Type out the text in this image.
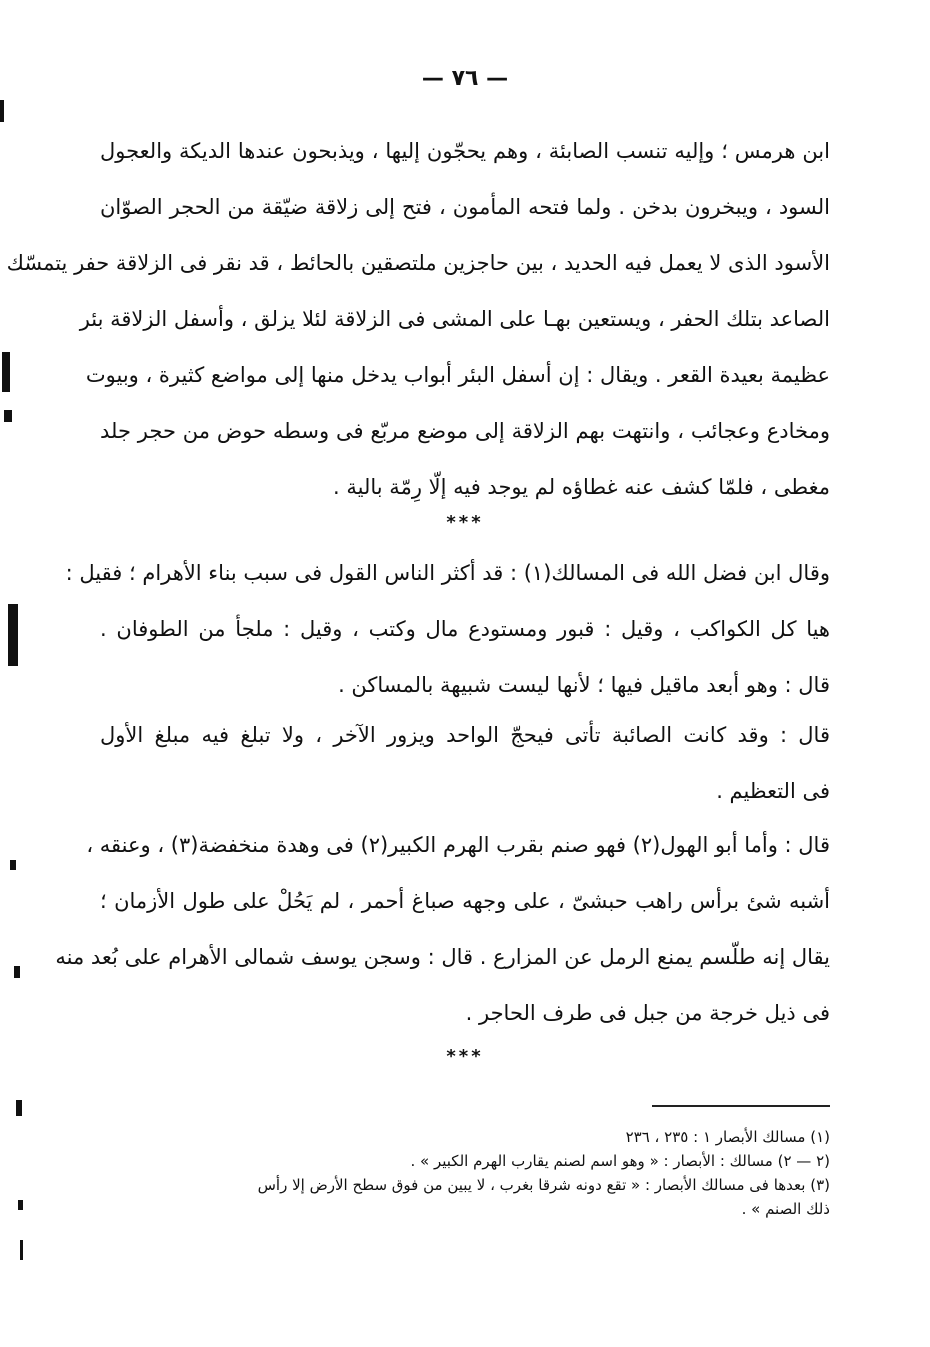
— ٧٦ —
ابن هرمس ؛ وإليه تنسب الصابئة ، وهم يحجّون إليها ، ويذبحون عندها الديكة والعجول
السود ، ويبخرون بدخن . ولما فتحه المأمون ، فتح إلى زلاقة ضيّقة من الحجر الصوّان
الأسود الذى لا يعمل فيه الحديد ، بين حاجزين ملتصقين بالحائط ، قد نقر فى الزلاقة حفر يتمسّك
الصاعد بتلك الحفر ، ويستعين بهـا على المشى فى الزلاقة لئلا يزلق ، وأسفل الزلاقة بئر
عظيمة بعيدة القعر . ويقال : إن أسفل البئر أبواب يدخل منها إلى مواضع كثيرة ، وبيوت
ومخادع وعجائب ، وانتهت بهم الزلاقة إلى موضع مربّع فى وسطه حوض من حجر جلد
مغطى ، فلمّا كشف عنه غطاؤه لم يوجد فيه إلّا رِمّة بالية .
***
وقال ابن فضل الله فى المسالك(١) : قد أكثر الناس القول فى سبب بناء الأهرام ؛ فقيل :
هيا كل الكواكب ، وقيل : قبور ومستودع مال وكتب ، وقيل : ملجأ من الطوفان .
قال : وهو أبعد ماقيل فيها ؛ لأنها ليست شبيهة بالمساكن .
قال : وقد كانت الصائبة تأتى فيحجّ الواحد ويزور الآخر ، ولا تبلغ فيه مبلغ الأول
فى التعظيم .
قال : وأما أبو الهول(٢) فهو صنم بقرب الهرم الكبير(٢) فى وهدة منخفضة(٣) ، وعنقه ،
أشبه شئ برأس راهب حبشىّ ، على وجهه صباغ أحمر ، لم يَحُلْ على طول الأزمان ؛
يقال إنه طلّسم يمنع الرمل عن المزارع . قال : وسجن يوسف شمالى الأهرام على بُعد منه
فى ذيل خرجة من جبل فى طرف الحاجر .
***
(١) مسالك الأبصار ١ : ٢٣٥ ، ٢٣٦
(٢ — ٢) مسالك : الأبصار : « وهو اسم لصنم يقارب الهرم الكبير » .
(٣) بعدها فى مسالك الأبصار : « تقع دونه شرقا بغرب ، لا يبين من فوق سطح الأرض إلا رأس
ذلك الصنم » .
